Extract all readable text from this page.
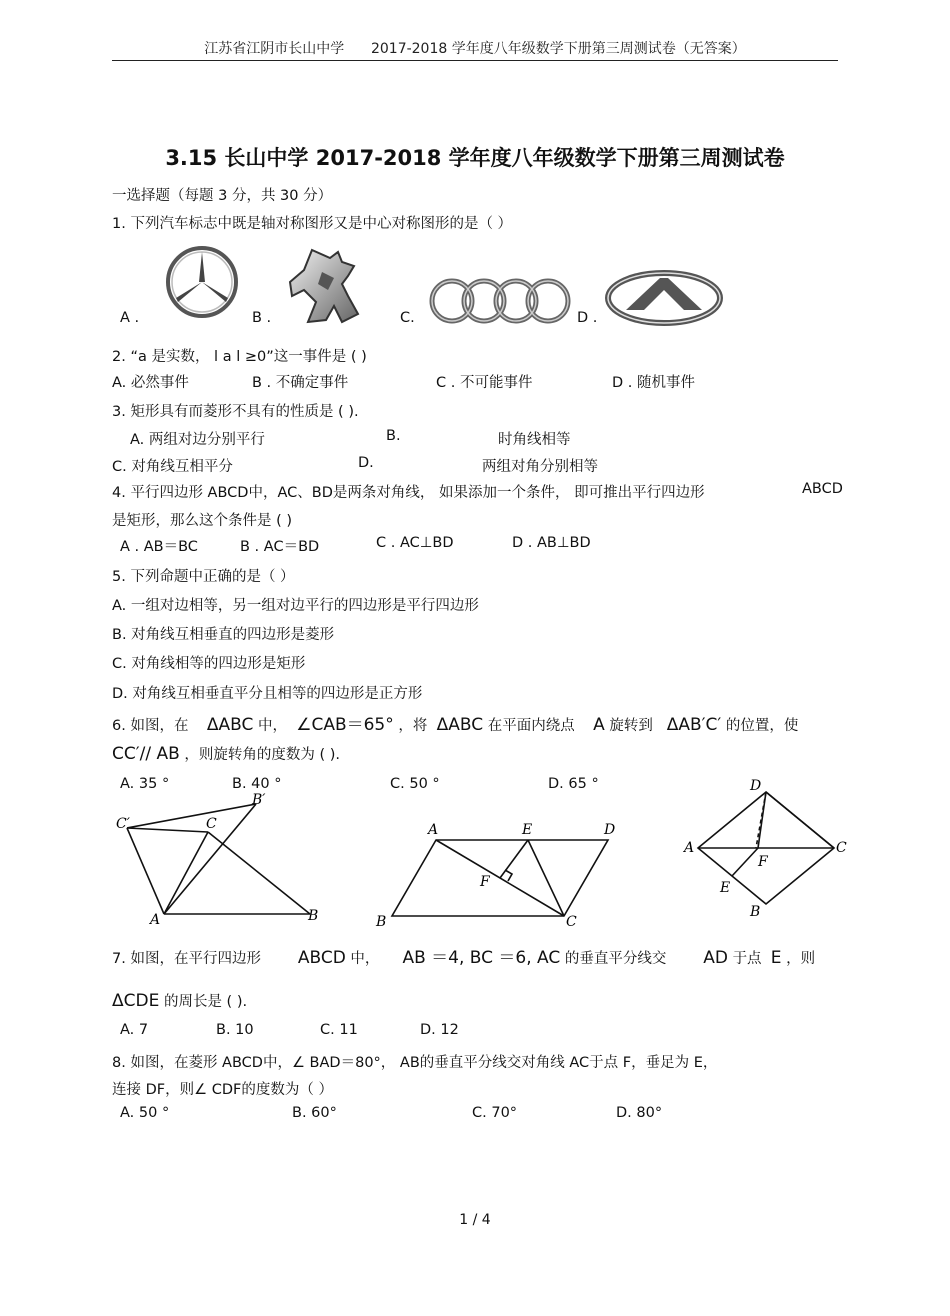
江苏省江阴市长山中学 2017-2018 学年度八年级数学下册第三周测试卷（无答案）
3.15 长山中学 2017-2018 学年度八年级数学下册第三周测试卷
一选择题（每题 3 分，共 30 分）
1. 下列汽车标志中既是轴对称图形又是中心对称图形的是（ ）
A .	B .	C.	D .
2. “a 是实数， l a l ≥0”这一事件是 ( )
A. 必然事件	B . 不确定事件	C . 不可能事件	D . 随机事件
3. 矩形具有而菱形不具有的性质是 ( ).
A. 两组对边分别平行	B.	时角线相等
C. 对角线互相平分	D.	两组对角分别相等
4. 平行四边形 ABCD中，AC、BD是两条对角线， 如果添加一个条件， 即可推出平行四边形	ABCD
是矩形，那么这个条件是 ( )
A . AB＝BC	B . AC＝BD	C . AC⊥BD	D . AB⊥BD
5. 下列命题中正确的是（ ）
A. 一组对边相等，另一组对边平行的四边形是平行四边形
B. 对角线互相垂直的四边形是菱形
C. 对角线相等的四边形是矩形
D. 对角线互相垂直平分且相等的四边形是正方形
6. 如图，在 ΔABC 中， ∠CAB＝65° ，将 ΔABC 在平面内绕点 A 旋转到 ΔAB′C′ 的位置，使
CC′// AB ，则旋转角的度数为 ( ).
A. 35 °	B. 40 °	C. 50 °	D. 65 °
C′	C
B′
A	B
A	E	D
F
B	C
D
A
F
C
E
B
7. 如图，在平行四边形 ABCD 中， AB ＝4, BC ＝6, AC 的垂直平分线交 AD 于点 E ，则
ΔCDE 的周长是 ( ).
A. 7	B. 10	C. 11	D. 12
8. 如图，在菱形 ABCD中，∠ BAD＝80°， AB的垂直平分线交对角线 AC于点 F，垂足为 E，
连接 DF，则∠ CDF的度数为（ ）
A. 50 °	B. 60°	C. 70°	D. 80°
1 / 4
